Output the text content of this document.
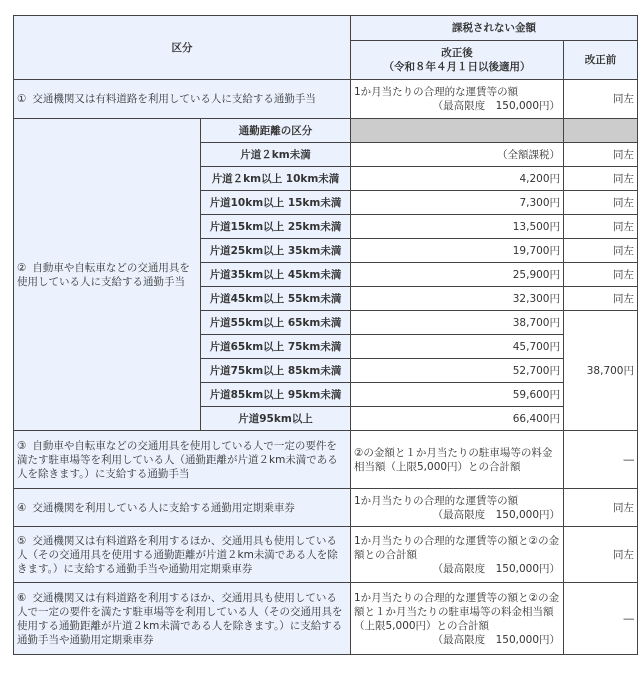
区分		課税されない金額	

		改正後
（令和８年４月１日以後適用）	改正前
① 交通機関又は有料道路を利用している人に支給する通勤手当		1か月当たりの合理的な運賃等の額
（最高限度　150,000円）	同左
② 自動車や自転車などの交通用具を使用している人に支給する通勤手当	通勤距離の区分		
	片道２km未満	（全額課税）	同左
	片道２km以上 10km未満	4,200円	同左
	片道10km以上 15km未満	7,300円	同左
	片道15km以上 25km未満	13,500円	同左
	片道25km以上 35km未満	19,700円	同左
	片道35km以上 45km未満	25,900円	同左
	片道45km以上 55km未満	32,300円	同左
	片道55km以上 65km未満	38,700円	38,700円
	片道65km以上 75km未満	45,700円	
	片道75km以上 85km未満	52,700円	
	片道85km以上 95km未満	59,600円	
	片道95km以上	66,400円	
③ 自動車や自転車などの交通用具を使用している人で一定の要件を満たす駐車場等を利用している人（通勤距離が片道２km未満である人を除きます。）に支給する通勤手当		②の金額と１か月当たりの駐車場等の料金相当額（上限5,000円）との合計額	―
④ 交通機関を利用している人に支給する通勤用定期乗車券		1か月当たりの合理的な運賃等の額
（最高限度　150,000円）	同左
⑤ 交通機関又は有料道路を利用するほか、交通用具も使用している人（その交通用具を使用する通勤距離が片道２km未満である人を除きます。）に支給する通勤手当や通勤用定期乗車券		1か月当たりの合理的な運賃等の額と②の金額との合計額
（最高限度　150,000円）	同左
⑥ 交通機関又は有料道路を利用するほか、交通用具も使用している人で一定の要件を満たす駐車場等を利用している人（その交通用具を使用する通勤距離が片道２km未満である人を除きます。）に支給する通勤手当や通勤用定期乗車券		1か月当たりの合理的な運賃等の額と②の金額と１か月当たりの駐車場等の料金相当額（上限5,000円）との合計額
（最高限度　150,000円）	―
